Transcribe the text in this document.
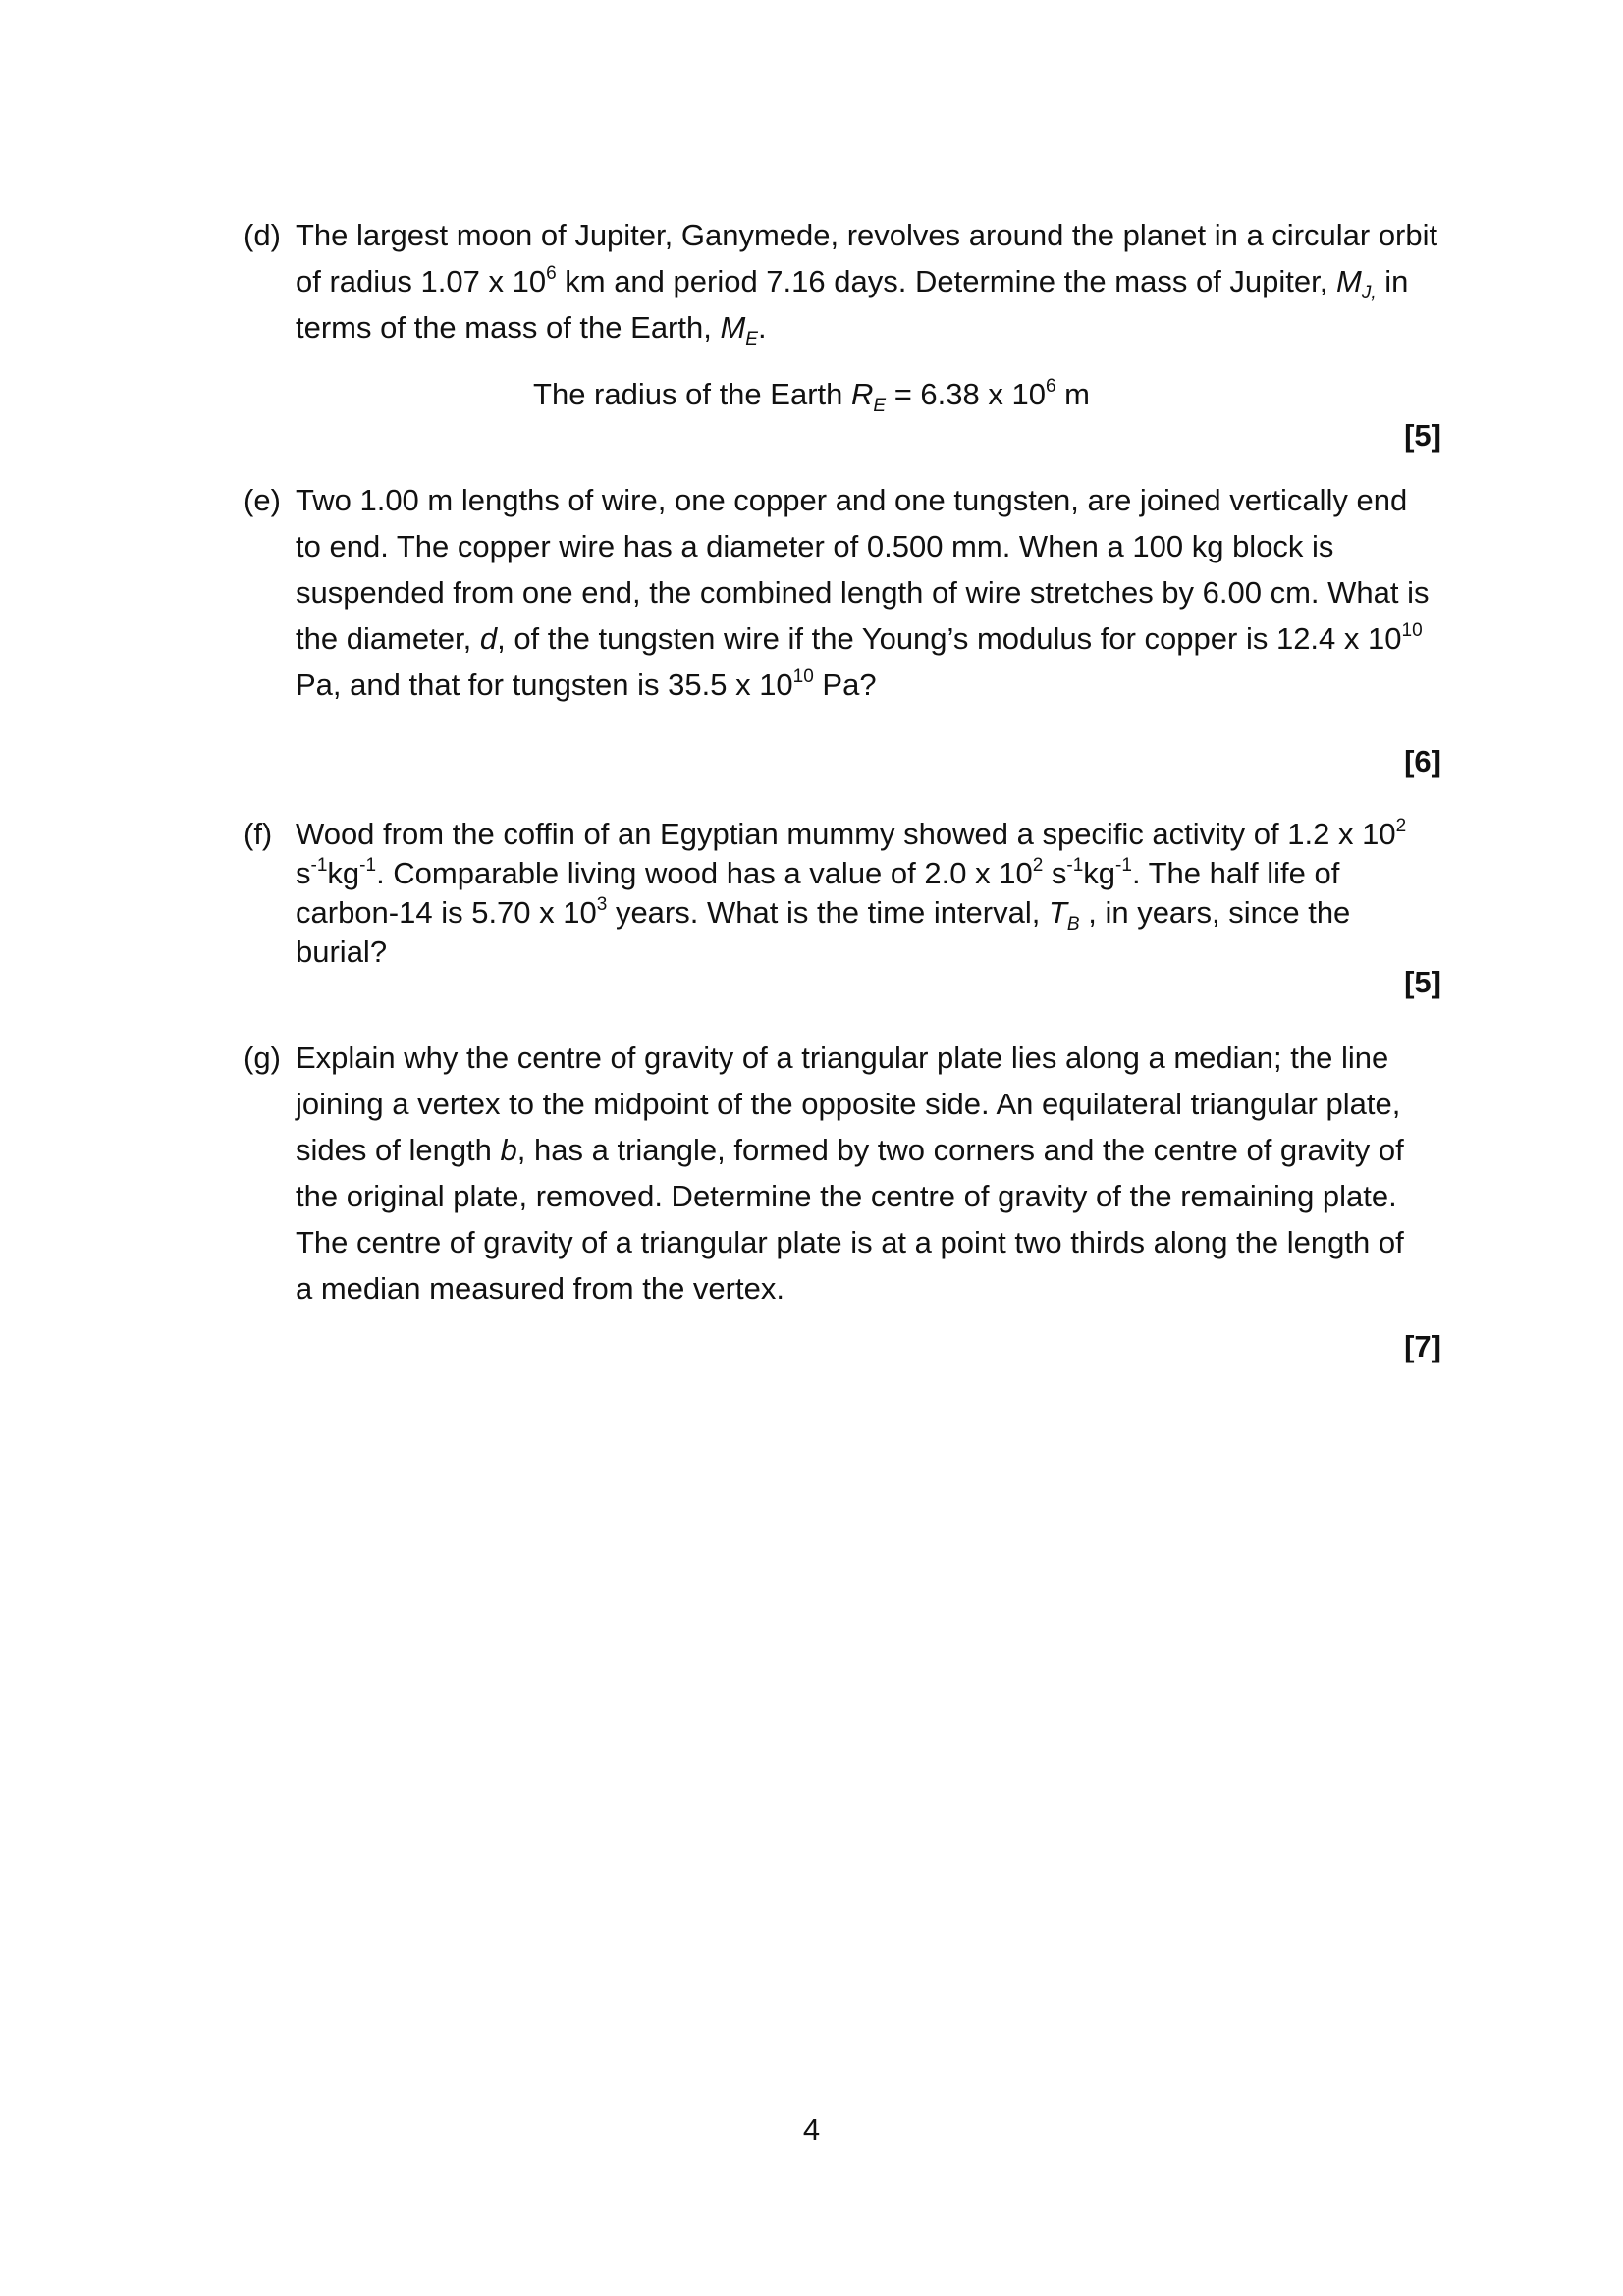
(d) The largest moon of Jupiter, Ganymede, revolves around the planet in a circular orbit
of radius 1.07 x $10^6$ km and period 7.16 days. Determine the mass of Jupiter, $M_{J,}$ in
terms of the mass of the Earth, $M_E$.
The radius of the Earth $R_E = 6.38$ x $10^6$ m
[5]
(e) Two 1.00 m lengths of wire, one copper and one tungsten, are joined vertically end
to end. The copper wire has a diameter of 0.500 mm. When a 100 kg block is
suspended from one end, the combined length of wire stretches by 6.00 cm. What is
the diameter, d, of the tungsten wire if the Young’s modulus for copper is 12.4 x $10^{10}$
Pa, and that for tungsten is 35.5 x $10^{10}$ Pa?
[6]
(f) Wood from the coffin of an Egyptian mummy showed a specific activity of 1.2 x $10^2$
$s^{-1}kg^{-1}$. Comparable living wood has a value of 2.0 x $10^2$ $s^{-1}kg^{-1}$. The half life of
carbon-14 is 5.70 x $10^3$ years. What is the time interval, $T_B$ , in years, since the burial?
[5]
(g) Explain why the centre of gravity of a triangular plate lies along a median; the line
joining a vertex to the midpoint of the opposite side. An equilateral triangular plate,
sides of length b, has a triangle, formed by two corners and the centre of gravity of
the original plate, removed. Determine the centre of gravity of the remaining plate.
The centre of gravity of a triangular plate is at a point two thirds along the length of
a median measured from the vertex.
[7]
4
